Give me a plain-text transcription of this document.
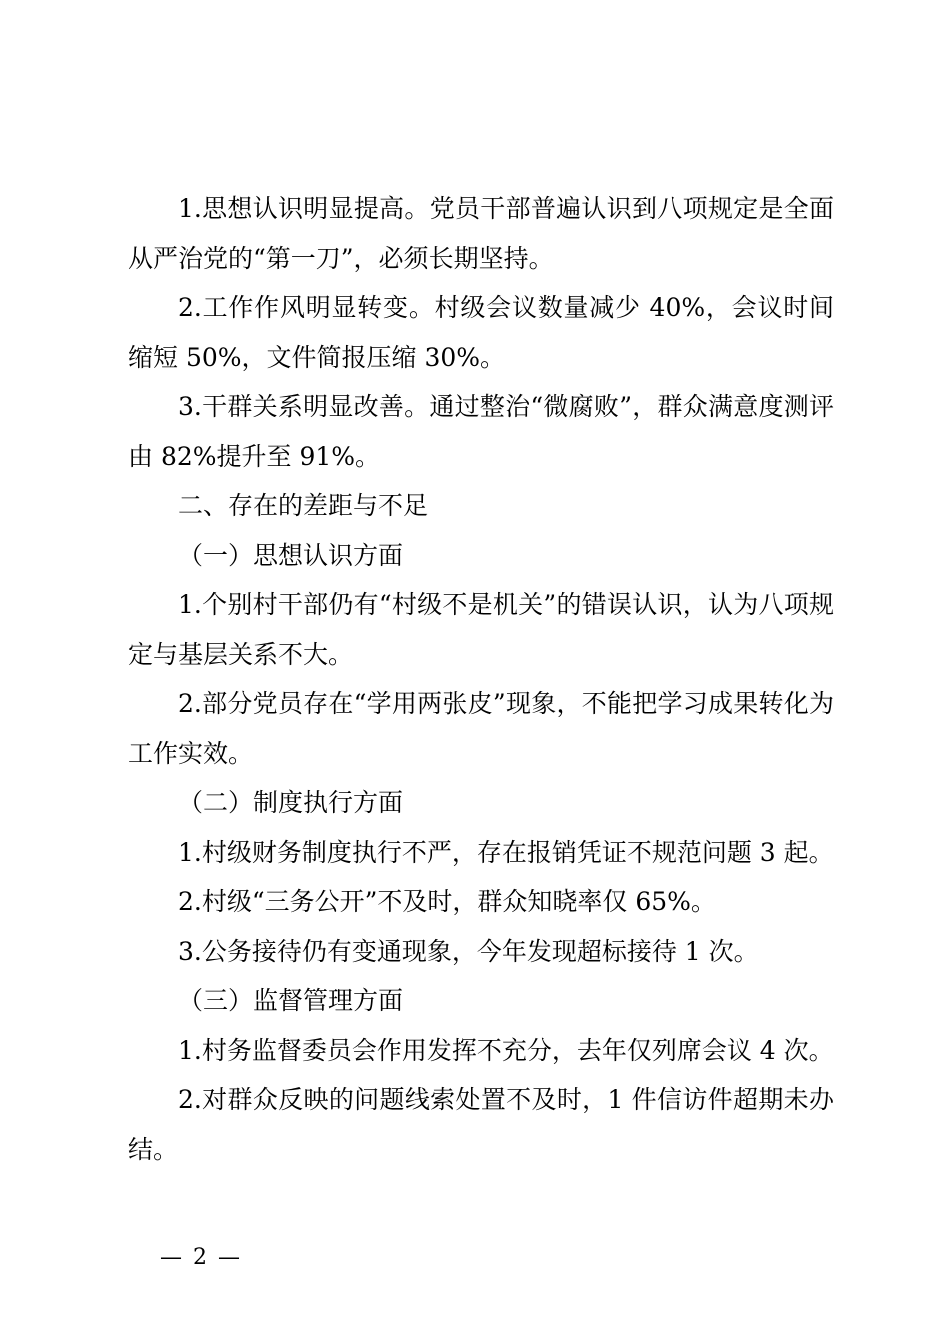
1.思想认识明显提高。党员干部普遍认识到八项规定是全面从严治党的“第一刀”，必须长期坚持。

2.工作作风明显转变。村级会议数量减少 40%，会议时间缩短 50%，文件简报压缩 30%。

3.干群关系明显改善。通过整治“微腐败”，群众满意度测评由 82%提升至 91%。

二、存在的差距与不足

（一）思想认识方面

1.个别村干部仍有“村级不是机关”的错误认识，认为八项规定与基层关系不大。

2.部分党员存在“学用两张皮”现象，不能把学习成果转化为工作实效。

（二）制度执行方面

1.村级财务制度执行不严，存在报销凭证不规范问题 3 起。

2.村级“三务公开”不及时，群众知晓率仅 65%。

3.公务接待仍有变通现象，今年发现超标接待 1 次。

（三）监督管理方面

1.村务监督委员会作用发挥不充分，去年仅列席会议 4 次。

2.对群众反映的问题线索处置不及时，1 件信访件超期未办结。

— 2 —
